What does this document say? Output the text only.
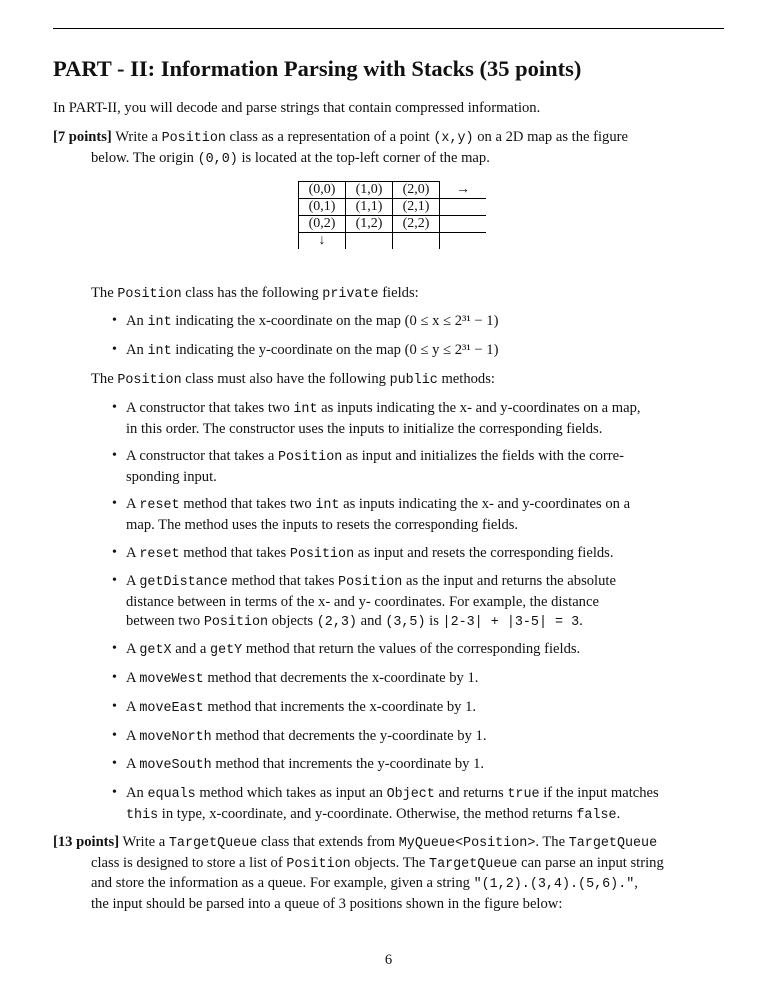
PART - II: Information Parsing with Stacks (35 points)

In PART-II, you will decode and parse strings that contain compressed information.

[7 points] Write a Position class as a representation of a point (x,y) on a 2D map as the figure
below. The origin (0,0) is located at the top-left corner of the map.

(0,0)	(1,0)	(2,0)	→
(0,1)	(1,1)	(2,1)	
(0,2)	(1,2)	(2,2)	
↓			

The Position class has the following private fields:

• An int indicating the x-coordinate on the map (0 ≤ x ≤ 2³¹ − 1)

• An int indicating the y-coordinate on the map (0 ≤ y ≤ 2³¹ − 1)

The Position class must also have the following public methods:

• A constructor that takes two int as inputs indicating the x- and y-coordinates on a map,
in this order. The constructor uses the inputs to initialize the corresponding fields.

• A constructor that takes a Position as input and initializes the fields with the corre-
sponding input.

• A reset method that takes two int as inputs indicating the x- and y-coordinates on a
map. The method uses the inputs to resets the corresponding fields.

• A reset method that takes Position as input and resets the corresponding fields.

• A getDistance method that takes Position as the input and returns the absolute
distance between in terms of the x- and y- coordinates. For example, the distance
between two Position objects (2,3) and (3,5) is |2-3| + |3-5| = 3.

• A getX and a getY method that return the values of the corresponding fields.

• A moveWest method that decrements the x-coordinate by 1.

• A moveEast method that increments the x-coordinate by 1.

• A moveNorth method that decrements the y-coordinate by 1.

• A moveSouth method that increments the y-coordinate by 1.

• An equals method which takes as input an Object and returns true if the input matches
this in type, x-coordinate, and y-coordinate. Otherwise, the method returns false.

[13 points] Write a TargetQueue class that extends from MyQueue<Position>. The TargetQueue
class is designed to store a list of Position objects. The TargetQueue can parse an input string
and store the information as a queue. For example, given a string "(1,2).(3,4).(5,6).",
the input should be parsed into a queue of 3 positions shown in the figure below:

6
